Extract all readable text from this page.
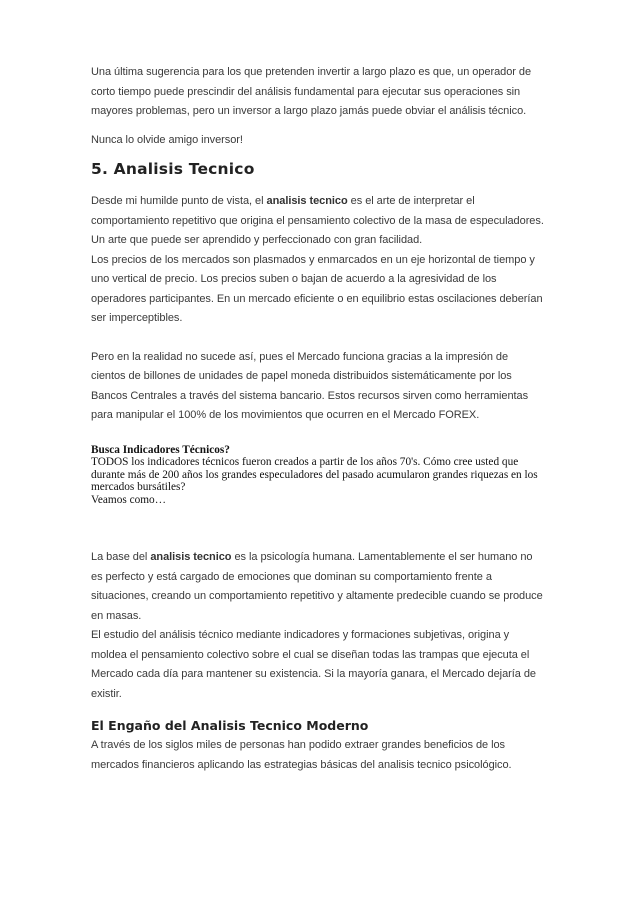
Una última sugerencia para los que pretenden invertir a largo plazo es que, un operador de corto tiempo puede prescindir del análisis fundamental para ejecutar sus operaciones sin mayores problemas, pero un inversor a largo plazo jamás puede obviar el análisis técnico.

Nunca lo olvide amigo inversor!

5. Analisis Tecnico

Desde mi humilde punto de vista, el analisis tecnico es el arte de interpretar el comportamiento repetitivo que origina el pensamiento colectivo de la masa de especuladores. Un arte que puede ser aprendido y perfeccionado con gran facilidad.

Los precios de los mercados son plasmados y enmarcados en un eje horizontal de tiempo y uno vertical de precio. Los precios suben o bajan de acuerdo a la agresividad de los operadores participantes. En un mercado eficiente o en equilibrio estas oscilaciones deberían ser imperceptibles.

Pero en la realidad no sucede así, pues el Mercado funciona gracias a la impresión de cientos de billones de unidades de papel moneda distribuidos sistemáticamente por los Bancos Centrales a través del sistema bancario. Estos recursos sirven como herramientas para manipular el 100% de los movimientos que ocurren en el Mercado FOREX.

Busca Indicadores Técnicos?
TODOS los indicadores técnicos fueron creados a partir de los años 70's. Cómo cree usted que durante más de 200 años los grandes especuladores del pasado acumularon grandes riquezas en los mercados bursátiles?
Veamos como…

La base del analisis tecnico es la psicología humana. Lamentablemente el ser humano no es perfecto y está cargado de emociones que dominan su comportamiento frente a situaciones, creando un comportamiento repetitivo y altamente predecible cuando se produce en masas.

El estudio del análisis técnico mediante indicadores y formaciones subjetivas, origina y moldea el pensamiento colectivo sobre el cual se diseñan todas las trampas que ejecuta el Mercado cada día para mantener su existencia. Si la mayoría ganara, el Mercado dejaría de existir.

El Engaño del Analisis Tecnico Moderno

A través de los siglos miles de personas han podido extraer grandes beneficios de los mercados financieros aplicando las estrategias básicas del analisis tecnico psicológico.
